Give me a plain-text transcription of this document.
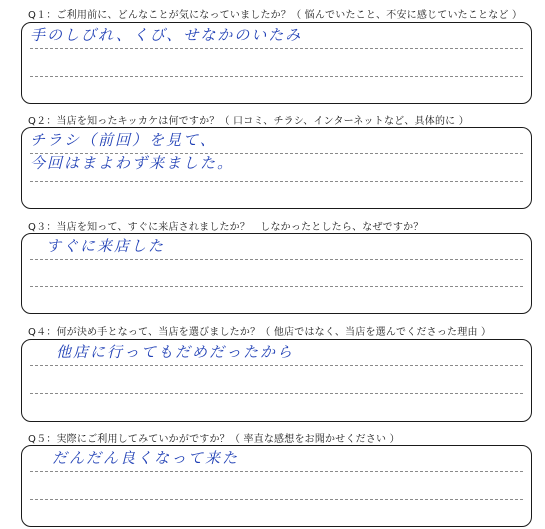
Q１：ご利用前に、どんなことが気になっていましたか？（ 悩んでいたこと、不安に感じていたことなど ）
手のしびれ、くび、せなかのいたみ
Q２：当店を知ったキッカケは何ですか？（ 口コミ、チラシ、インターネットなど、具体的に ）
チラシ（前回）を見て、
今回はまよわず来ました。
Q３：当店を知って、すぐに来店されましたか？　しなかったとしたら、なぜですか？
すぐに来店した
Q４：何が決め手となって、当店を選びましたか？（ 他店ではなく、当店を選んでくださった理由 ）
他店に行ってもだめだったから
Q５：実際にご利用してみていかがですか？（ 率直な感想をお聞かせください ）
だんだん良くなって来た
